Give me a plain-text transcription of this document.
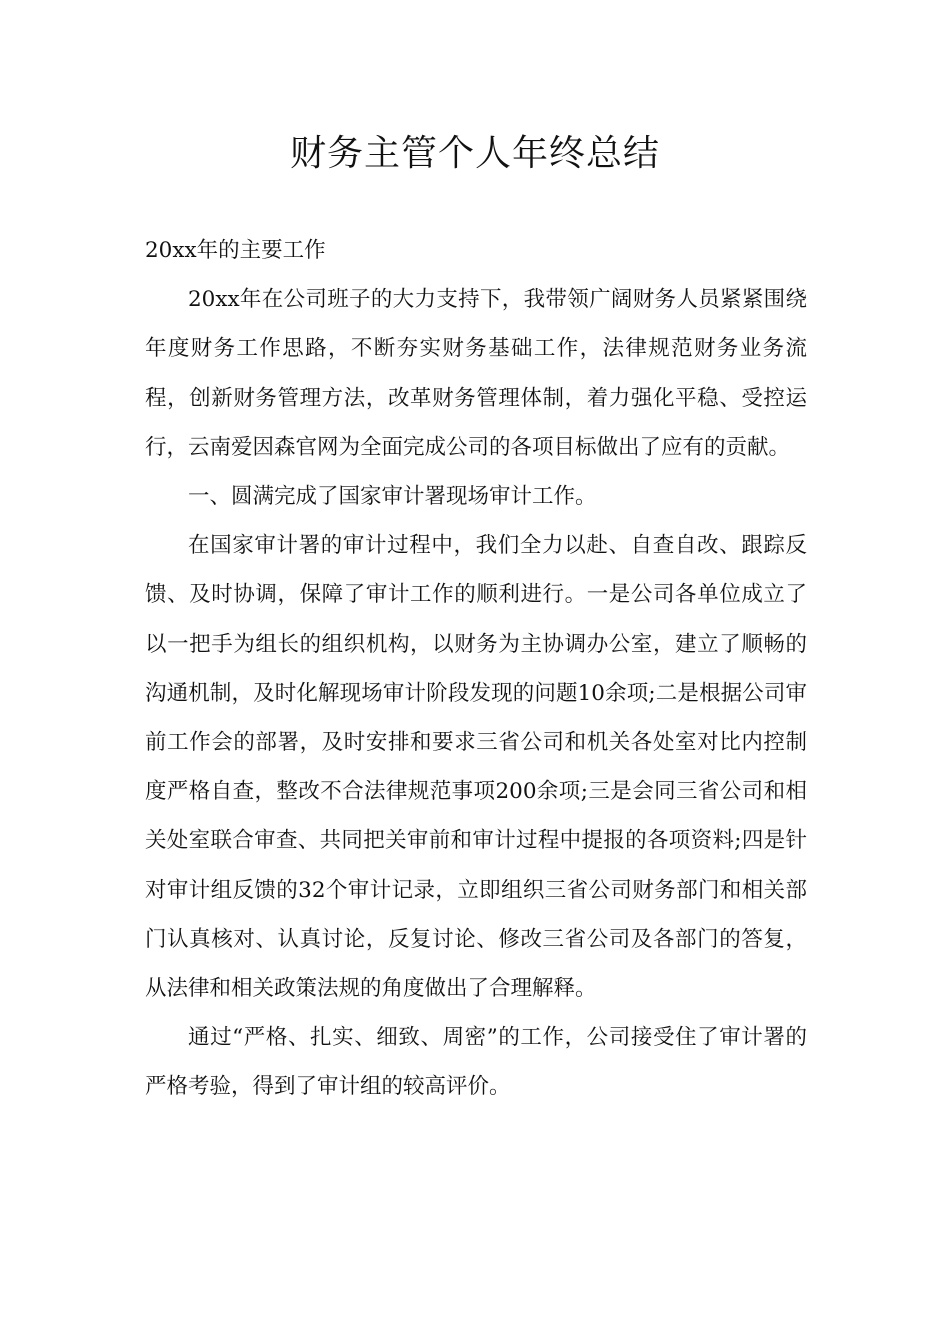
财务主管个人年终总结

20xx年的主要工作

20xx年在公司班子的大力支持下，我带领广阔财务人员紧紧围绕年度财务工作思路，不断夯实财务基础工作，法律规范财务业务流程，创新财务管理方法，改革财务管理体制，着力强化平稳、受控运行，云南爱因森官网为全面完成公司的各项目标做出了应有的贡献。

一、圆满完成了国家审计署现场审计工作。

在国家审计署的审计过程中，我们全力以赴、自查自改、跟踪反馈、及时协调，保障了审计工作的顺利进行。一是公司各单位成立了以一把手为组长的组织机构，以财务为主协调办公室，建立了顺畅的沟通机制，及时化解现场审计阶段发现的问题10余项;二是根据公司审前工作会的部署，及时安排和要求三省公司和机关各处室对比内控制度严格自查，整改不合法律规范事项200余项;三是会同三省公司和相关处室联合审查、共同把关审前和审计过程中提报的各项资料;四是针对审计组反馈的32个审计记录，立即组织三省公司财务部门和相关部门认真核对、认真讨论，反复讨论、修改三省公司及各部门的答复，从法律和相关政策法规的角度做出了合理解释。

通过“严格、扎实、细致、周密”的工作，公司接受住了审计署的严格考验，得到了审计组的较高评价。
